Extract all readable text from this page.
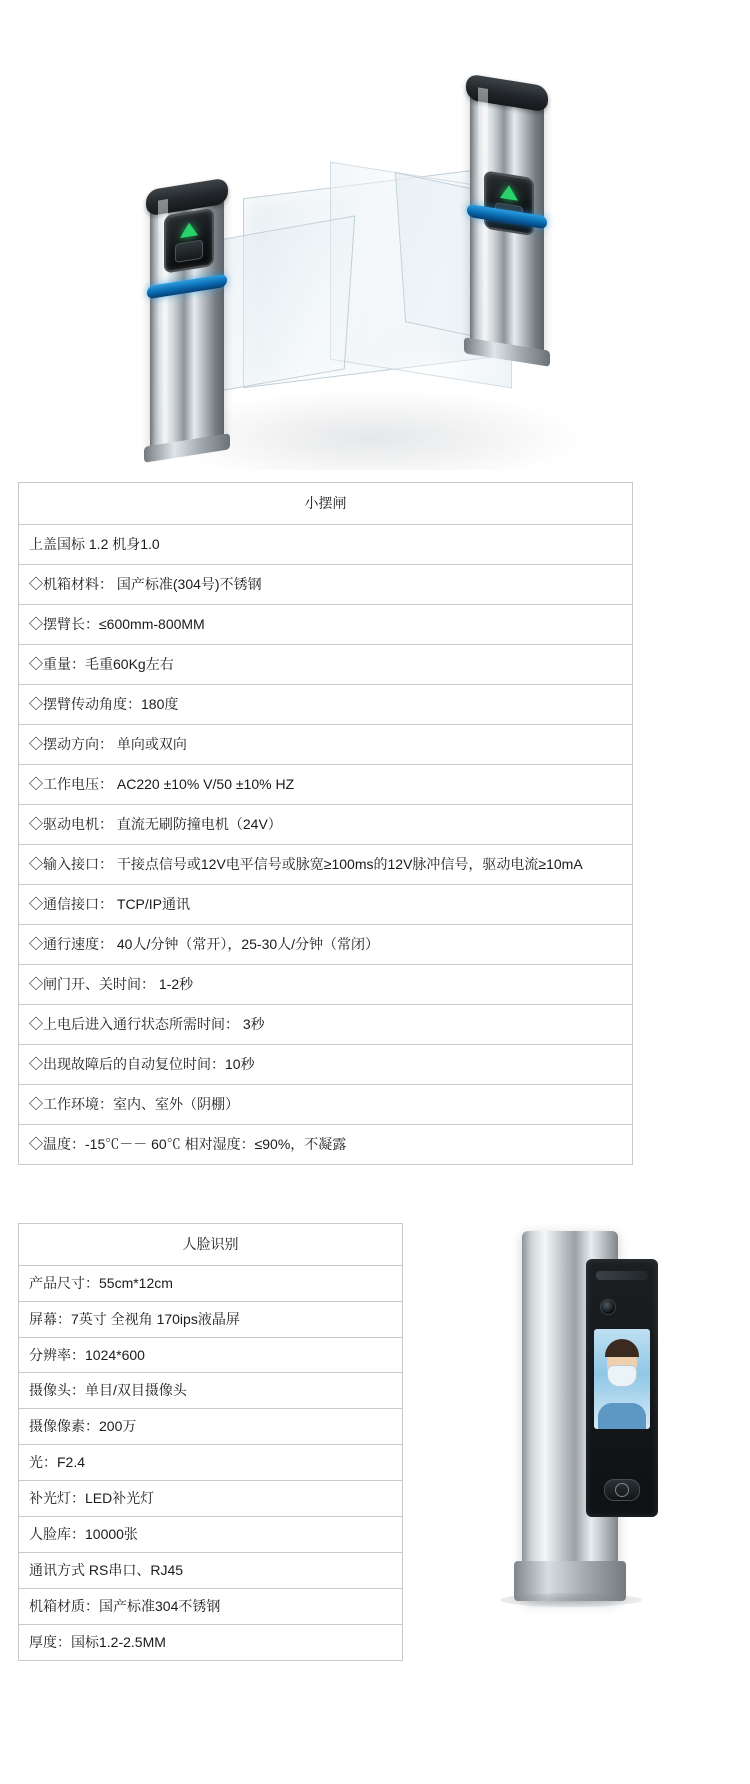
小摆闸
上盖国标 1.2 机身1.0
◇机箱材料： 国产标准(304号)不锈钢
◇摆臂长：≤600mm-800MM
◇重量：毛重60Kg左右
◇摆臂传动角度：180度
◇摆动方向： 单向或双向
◇工作电压： AC220 ±10% V/50 ±10% HZ
◇驱动电机： 直流无刷防撞电机（24V）
◇输入接口： 干接点信号或12V电平信号或脉宽≥100ms的12V脉冲信号，驱动电流≥10mA
◇通信接口： TCP/IP通讯
◇通行速度： 40人/分钟（常开），25-30人/分钟（常闭）
◇闸门开、关时间： 1-2秒
◇上电后进入通行状态所需时间： 3秒
◇出现故障后的自动复位时间：10秒
◇工作环境：室内、室外（阴棚）
◇温度：-15℃－－ 60℃ 相对湿度：≤90%，不凝露
人脸识别
产品尺寸：55cm*12cm
屏幕：7英寸 全视角 170ips液晶屏
分辨率：1024*600
摄像头：单目/双目摄像头
摄像像素：200万
光：F2.4
补光灯：LED补光灯
人脸库：10000张
通讯方式 RS串口、RJ45
机箱材质：国产标准304不锈钢
厚度：国标1.2-2.5MM
